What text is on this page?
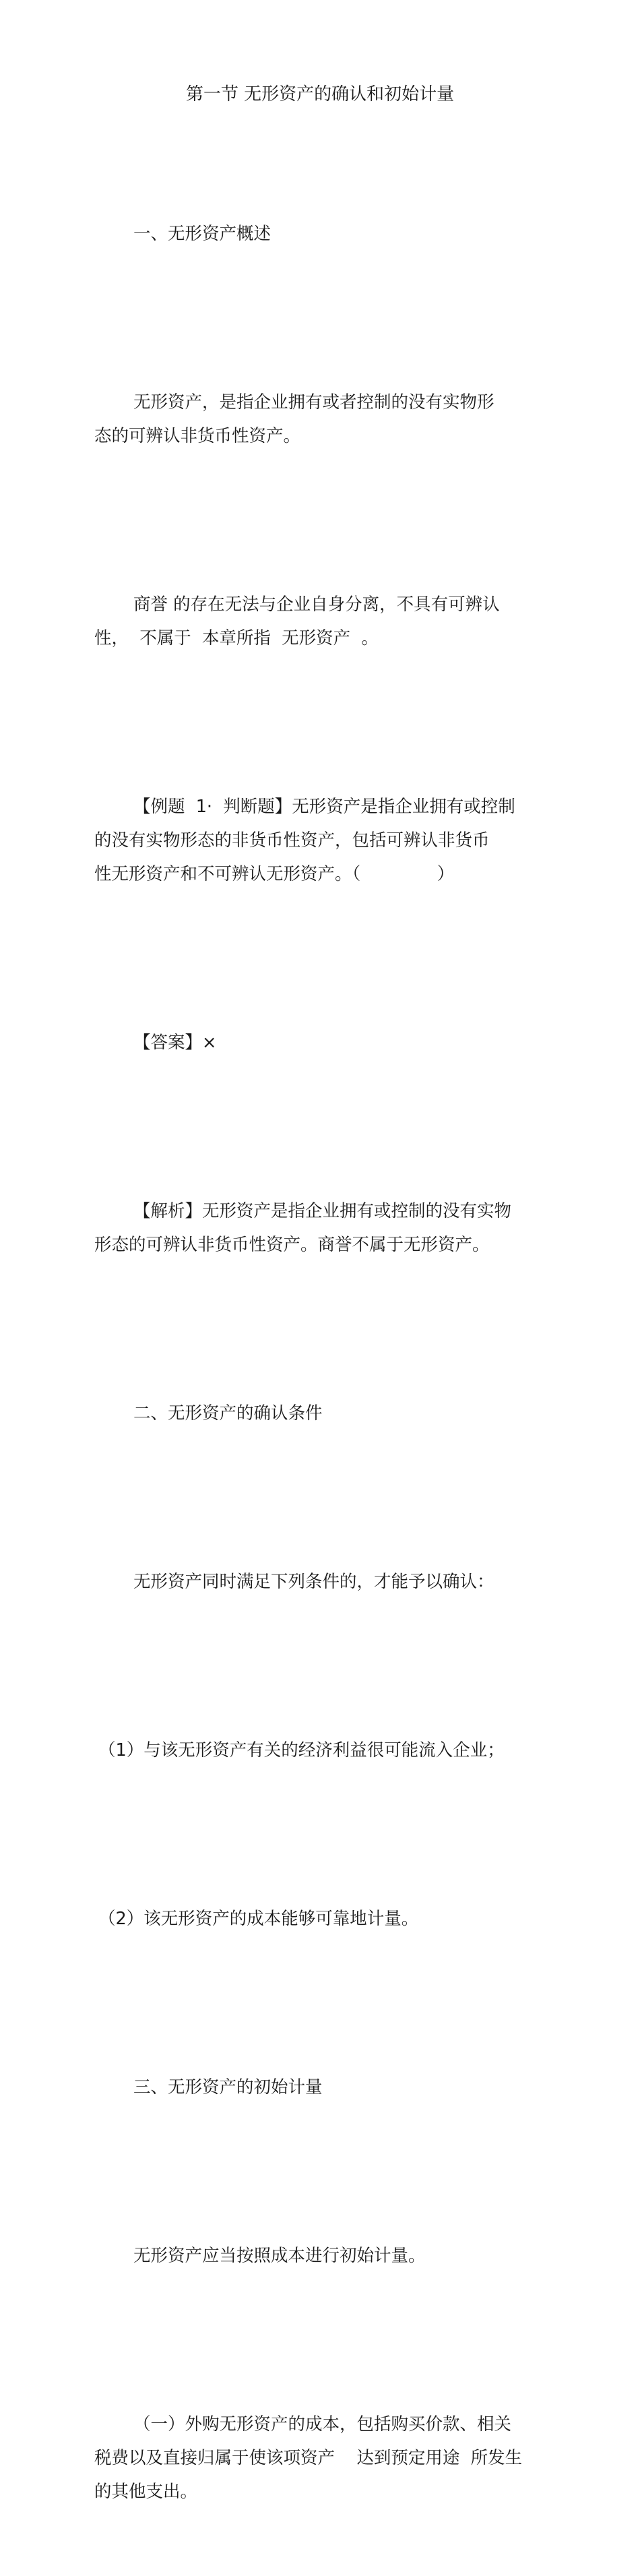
第一节 无形资产的确认和初始计量

一、无形资产概述

无形资产，是指企业拥有或者控制的没有实物形
态的可辨认非货币性资产。

商誉 的存在无法与企业自身分离，不具有可辨认
性，  不属于  本章所指  无形资产  。

【例题  1·  判断题】无形资产是指企业拥有或控制
的没有实物形态的非货币性资产，包括可辨认非货币
性无形资产和不可辨认无形资产。（              ）

【答案】×

【解析】无形资产是指企业拥有或控制的没有实物
形态的可辨认非货币性资产。商誉不属于无形资产。

二、无形资产的确认条件

无形资产同时满足下列条件的，才能予以确认：

（1）与该无形资产有关的经济利益很可能流入企业；

（2）该无形资产的成本能够可靠地计量。

三、无形资产的初始计量

无形资产应当按照成本进行初始计量。

（一）外购无形资产的成本，包括购买价款、相关
税费以及直接归属于使该项资产    达到预定用途  所发生
的其他支出。
